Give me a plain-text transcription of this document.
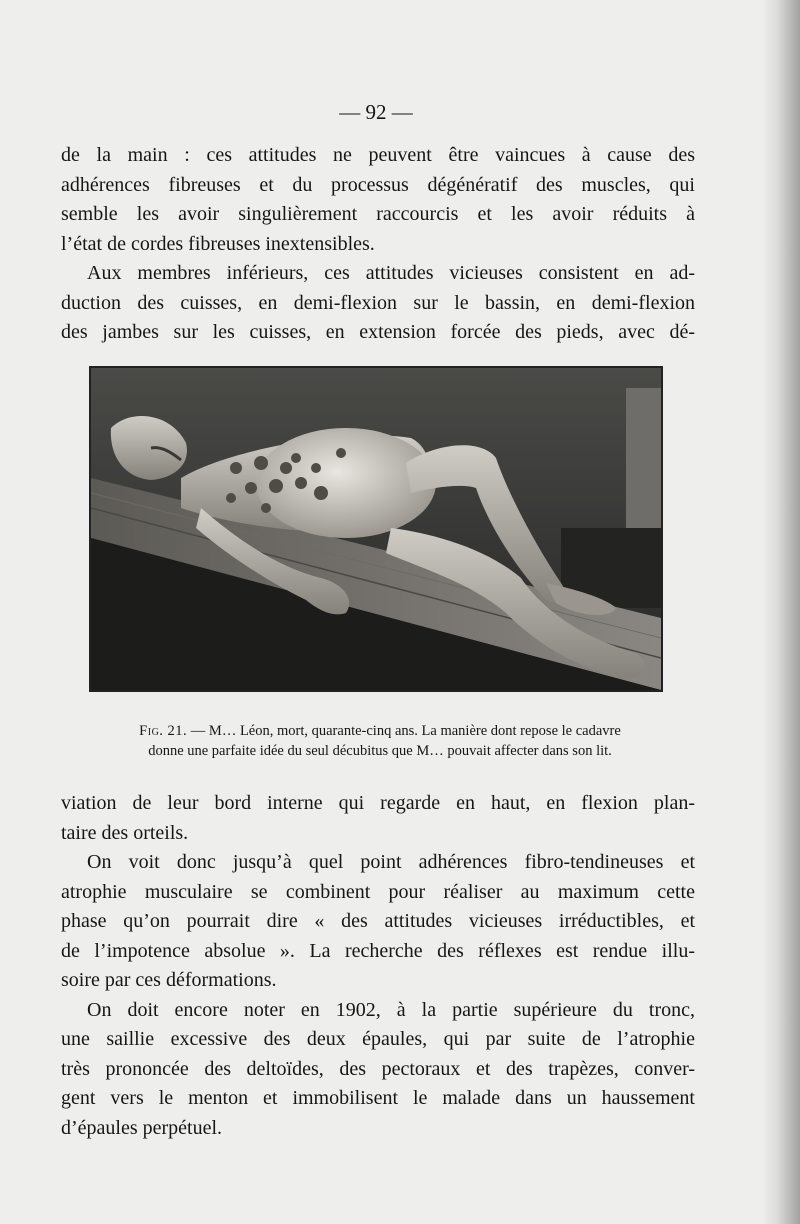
— 92 —
de la main : ces attitudes ne peuvent être vaincues à cause des
adhérences fibreuses et du processus dégénératif des muscles, qui
semble les avoir singulièrement raccourcis et les avoir réduits à
l’état de cordes fibreuses inextensibles.
Aux membres inférieurs, ces attitudes vicieuses consistent en ad-
duction des cuisses, en demi-flexion sur le bassin, en demi-flexion
des jambes sur les cuisses, en extension forcée des pieds, avec dé-
Fig. 21. — M… Léon, mort, quarante-cinq ans. La manière dont repose le cadavre
donne une parfaite idée du seul décubitus que M… pouvait affecter dans son lit.
viation de leur bord interne qui regarde en haut, en flexion plan-
taire des orteils.
On voit donc jusqu’à quel point adhérences fibro-tendineuses et
atrophie musculaire se combinent pour réaliser au maximum cette
phase qu’on pourrait dire « des attitudes vicieuses irréductibles, et
de l’impotence absolue ». La recherche des réflexes est rendue illu-
soire par ces déformations.
On doit encore noter en 1902, à la partie supérieure du tronc,
une saillie excessive des deux épaules, qui par suite de l’atrophie
très prononcée des deltoïdes, des pectoraux et des trapèzes, conver-
gent vers le menton et immobilisent le malade dans un haussement
d’épaules perpétuel.
